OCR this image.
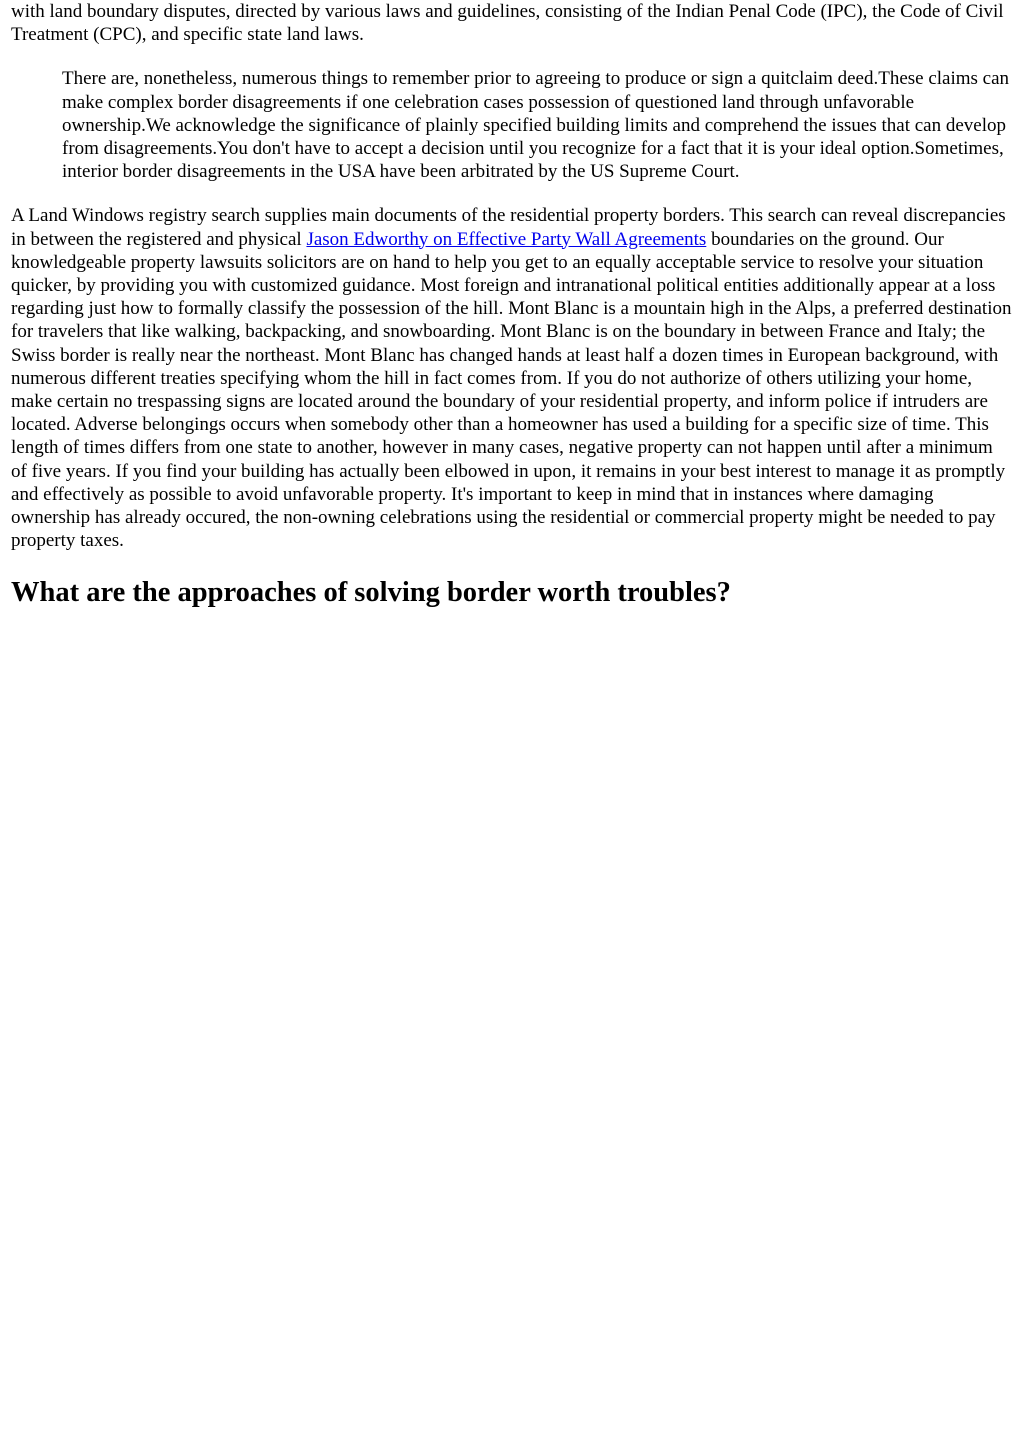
with land boundary disputes, directed by various laws and guidelines, consisting of the Indian Penal Code (IPC), the Code of Civil Treatment (CPC), and specific state land laws.

There are, nonetheless, numerous things to remember prior to agreeing to produce or sign a quitclaim deed.These claims can make complex border disagreements if one celebration cases possession of questioned land through unfavorable ownership.We acknowledge the significance of plainly specified building limits and comprehend the issues that can develop from disagreements.You don't have to accept a decision until you recognize for a fact that it is your ideal option.Sometimes, interior border disagreements in the USA have been arbitrated by the US Supreme Court.

A Land Windows registry search supplies main documents of the residential property borders. This search can reveal discrepancies in between the registered and physical Jason Edworthy on Effective Party Wall Agreements boundaries on the ground. Our knowledgeable property lawsuits solicitors are on hand to help you get to an equally acceptable service to resolve your situation quicker, by providing you with customized guidance. Most foreign and intranational political entities additionally appear at a loss regarding just how to formally classify the possession of the hill. Mont Blanc is a mountain high in the Alps, a preferred destination for travelers that like walking, backpacking, and snowboarding. Mont Blanc is on the boundary in between France and Italy; the Swiss border is really near the northeast. Mont Blanc has changed hands at least half a dozen times in European background, with numerous different treaties specifying whom the hill in fact comes from. If you do not authorize of others utilizing your home, make certain no trespassing signs are located around the boundary of your residential property, and inform police if intruders are located. Adverse belongings occurs when somebody other than a homeowner has used a building for a specific size of time. This length of times differs from one state to another, however in many cases, negative property can not happen until after a minimum of five years. If you find your building has actually been elbowed in upon, it remains in your best interest to manage it as promptly and effectively as possible to avoid unfavorable property. It's important to keep in mind that in instances where damaging ownership has already occured, the non-owning celebrations using the residential or commercial property might be needed to pay property taxes.

What are the approaches of solving border worth troubles?
